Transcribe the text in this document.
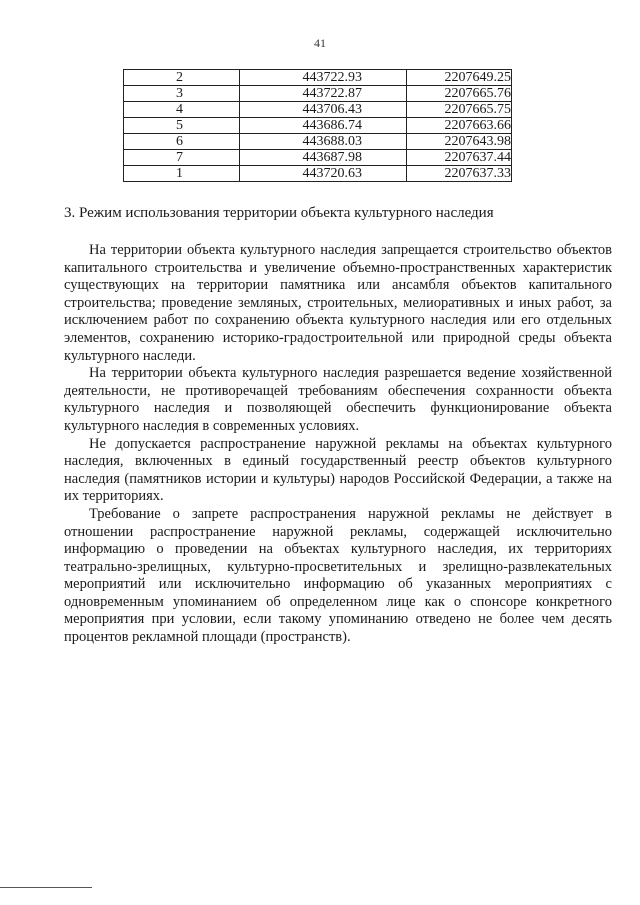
41
2	443722.93	2207649.25
3	443722.87	2207665.76
4	443706.43	2207665.75
5	443686.74	2207663.66
6	443688.03	2207643.98
7	443687.98	2207637.44
1	443720.63	2207637.33
3. Режим использования территории объекта культурного наследия

На территории объекта культурного наследия запрещается строительство объектов капитального строительства и увеличение объемно-пространственных характеристик существующих на территории памятника или ансамбля объектов капитального строительства; проведение земляных, строительных, мелиоративных и иных работ, за исключением работ по сохранению объекта культурного наследия или его отдельных элементов, сохранению историко-градостроительной или природной среды объекта культурного наследи.

На территории объекта культурного наследия разрешается ведение хозяйственной деятельности, не противоречащей требованиям обеспечения сохранности объекта культурного наследия и позволяющей обеспечить функционирование объекта культурного наследия в современных условиях.

Не допускается распространение наружной рекламы на объектах культурного наследия, включенных в единый государственный реестр объектов культурного наследия (памятников истории и культуры) народов Российской Федерации, а также на их территориях.

Требование о запрете распространения наружной рекламы не действует в отношении распространение наружной рекламы, содержащей исключительно информацию о проведении на объектах культурного наследия, их территориях театрально-зрелищных, культурно-просветительных и зрелищно-развлекательных мероприятий или исключительно информацию об указанных мероприятиях с одновременным упоминанием об определенном лице как о спонсоре конкретного мероприятия при условии, если такому упоминанию отведено не более чем десять процентов рекламной площади (пространств).
